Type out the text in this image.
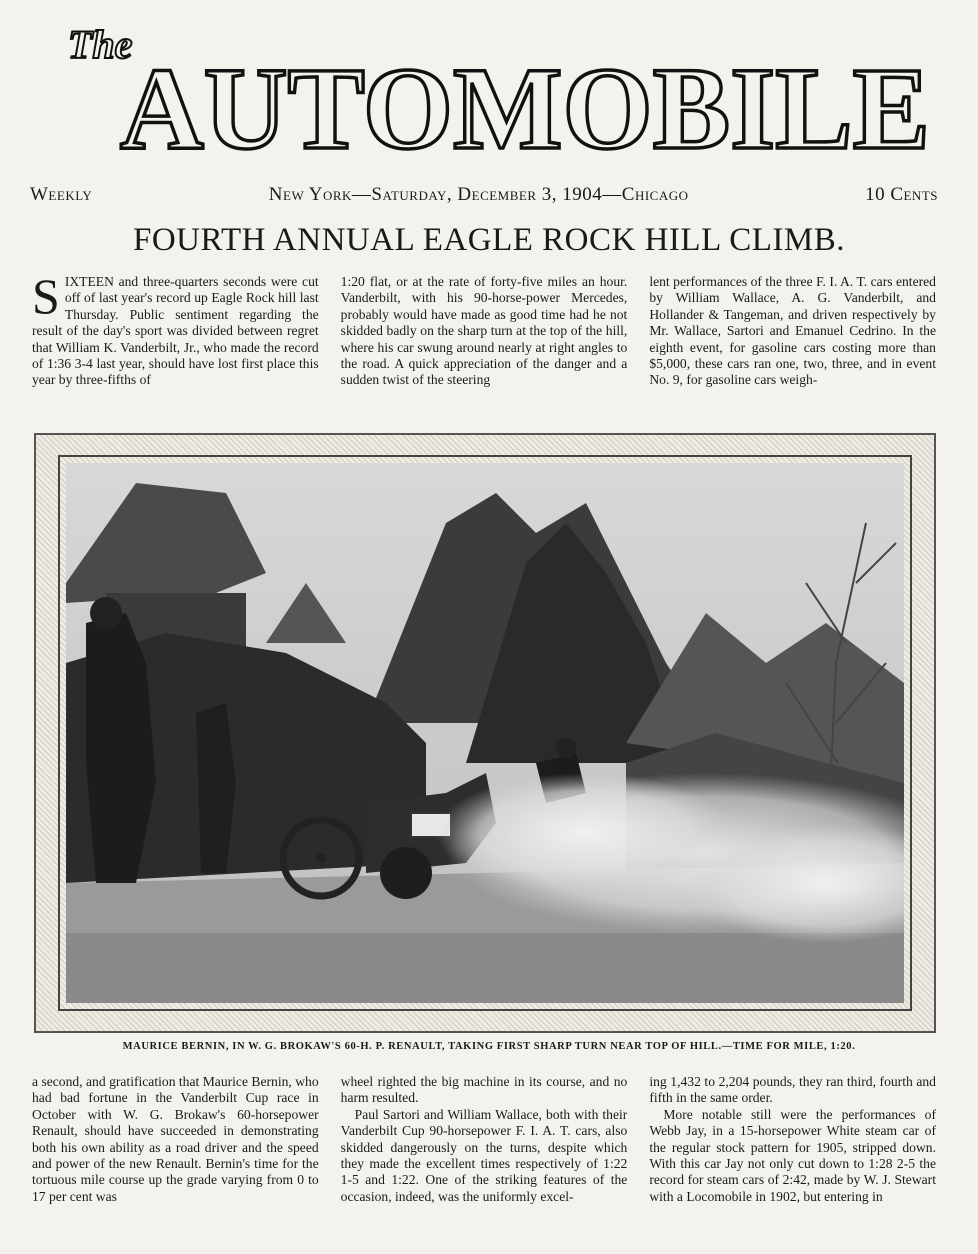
The
AUTOMOBILE
Weekly	New York—Saturday, December 3, 1904—Chicago	10 Cents
FOURTH ANNUAL EAGLE ROCK HILL CLIMB.

SIXTEEN and three-quarters seconds were cut off of last year's record up Eagle Rock hill last Thursday. Public sentiment regarding the result of the day's sport was divided between regret that William K. Vanderbilt, Jr., who made the record of 1:36 3-4 last year, should have lost first place this year by three-fifths of

1:20 flat, or at the rate of forty-five miles an hour. Vanderbilt, with his 90-horse-power Mercedes, probably would have made as good time had he not skidded badly on the sharp turn at the top of the hill, where his car swung around nearly at right angles to the road. A quick appreciation of the danger and a sudden twist of the steering

lent performances of the three F. I. A. T. cars entered by William Wallace, A. G. Vanderbilt, and Hollander & Tangeman, and driven respectively by Mr. Wallace, Sartori and Emanuel Cedrino. In the eighth event, for gasoline cars costing more than $5,000, these cars ran one, two, three, and in event No. 9, for gasoline cars weigh-

MAURICE BERNIN, IN W. G. BROKAW'S 60-H. P. RENAULT, TAKING FIRST SHARP TURN NEAR TOP OF HILL.—TIME FOR MILE, 1:20.

a second, and gratification that Maurice Bernin, who had bad fortune in the Vanderbilt Cup race in October with W. G. Brokaw's 60-horsepower Renault, should have succeeded in demonstrating both his own ability as a road driver and the speed and power of the new Renault. Bernin's time for the tortuous mile course up the grade varying from 0 to 17 per cent was

wheel righted the big machine in its course, and no harm resulted.

Paul Sartori and William Wallace, both with their Vanderbilt Cup 90-horsepower F. I. A. T. cars, also skidded dangerously on the turns, despite which they made the excellent times respectively of 1:22 1-5 and 1:22. One of the striking features of the occasion, indeed, was the uniformly excel-

ing 1,432 to 2,204 pounds, they ran third, fourth and fifth in the same order.

More notable still were the performances of Webb Jay, in a 15-horsepower White steam car of the regular stock pattern for 1905, stripped down. With this car Jay not only cut down to 1:28 2-5 the record for steam cars of 2:42, made by W. J. Stewart with a Locomobile in 1902, but entering in
